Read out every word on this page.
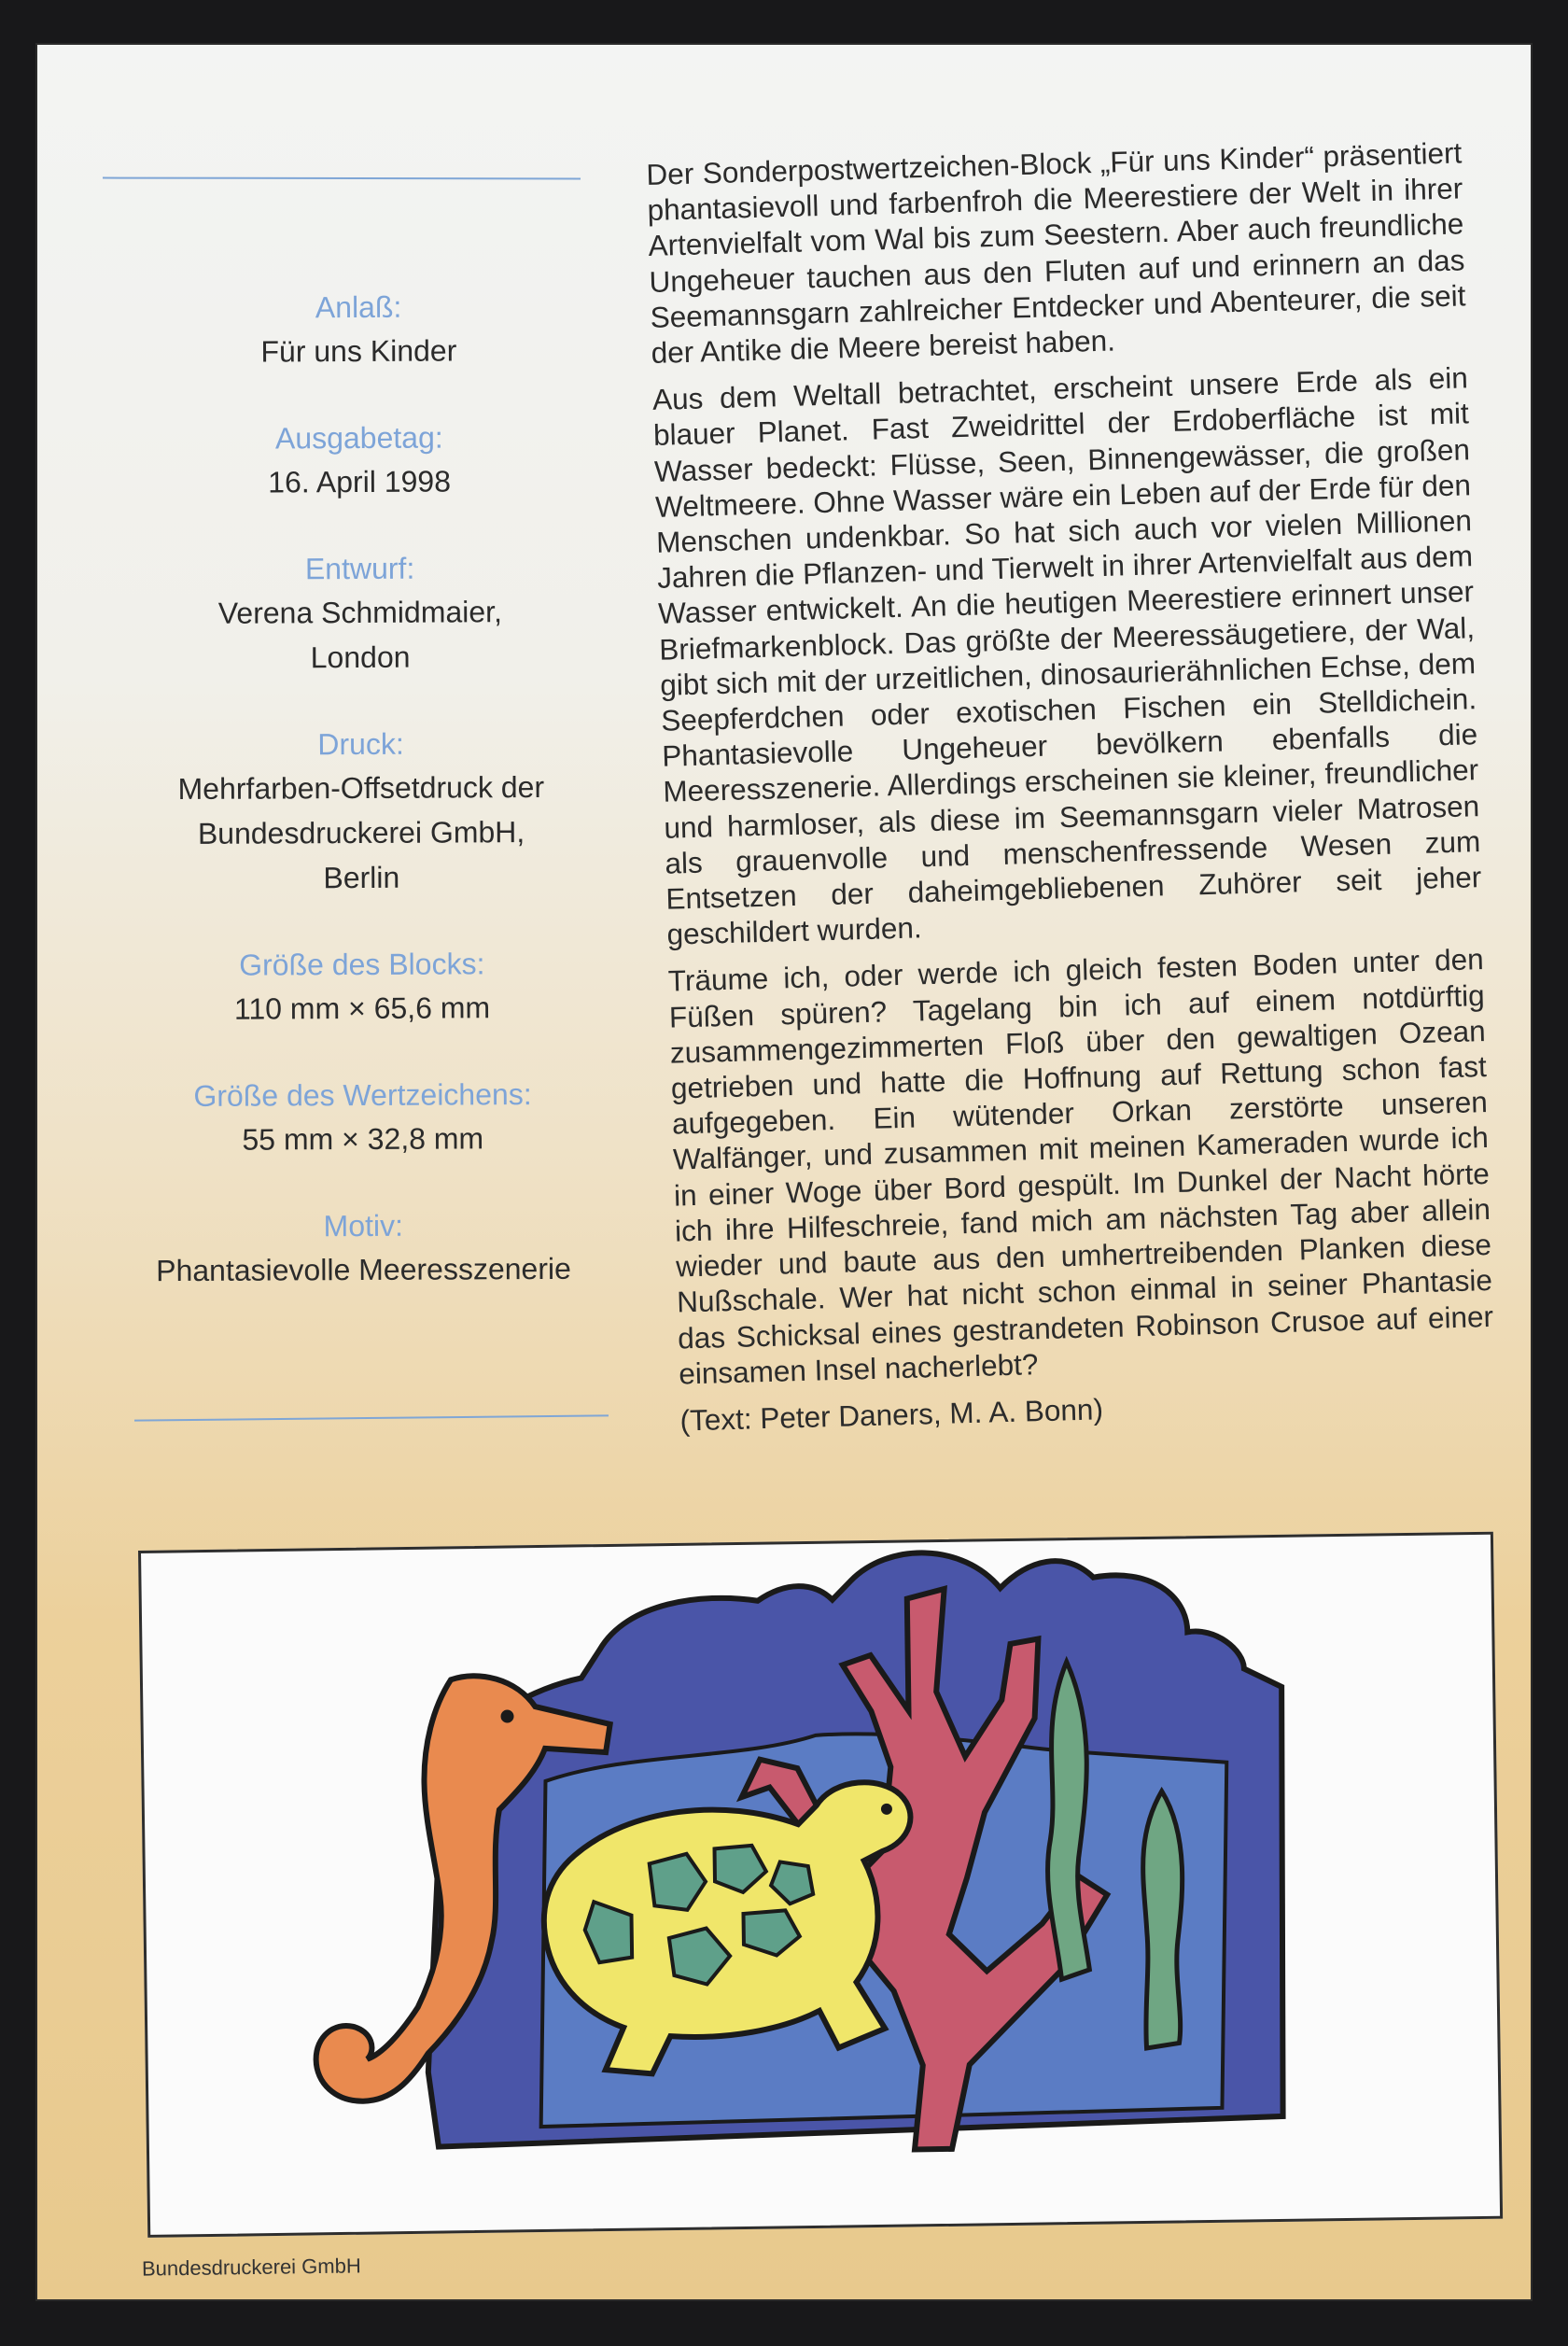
Anlaß:
Für uns Kinder
Ausgabetag:
16. April 1998
Entwurf:
Verena Schmidmaier,
London
Druck:
Mehrfarben-Offsetdruck der
Bundesdruckerei GmbH,
Berlin
Größe des Blocks:
110 mm × 65,6 mm
Größe des Wertzeichens:
55 mm × 32,8 mm
Motiv:
Phantasievolle Meeresszenerie

Der Sonderpostwertzeichen-Block „Für uns Kinder“ präsentiert phantasievoll und farbenfroh die Meerestiere der Welt in ihrer Artenvielfalt vom Wal bis zum Seestern. Aber auch freundliche Ungeheuer tauchen aus den Fluten auf und erinnern an das Seemannsgarn zahlreicher Entdecker und Abenteurer, die seit der Antike die Meere bereist haben.

Aus dem Weltall betrachtet, erscheint unsere Erde als ein blauer Planet. Fast Zweidrittel der Erdoberfläche ist mit Wasser bedeckt: Flüsse, Seen, Binnengewässer, die großen Weltmeere. Ohne Wasser wäre ein Leben auf der Erde für den Menschen undenkbar. So hat sich auch vor vielen Millionen Jahren die Pflanzen- und Tierwelt in ihrer Artenvielfalt aus dem Wasser entwickelt. An die heutigen Meerestiere erinnert unser Briefmarkenblock. Das größte der Meeressäugetiere, der Wal, gibt sich mit der urzeitlichen, dinosaurierähnlichen Echse, dem Seepferdchen oder exotischen Fischen ein Stelldichein. Phantasievolle Ungeheuer bevölkern ebenfalls die Meeresszenerie. Allerdings erscheinen sie kleiner, freundlicher und harmloser, als diese im Seemannsgarn vieler Matrosen als grauenvolle und menschenfressende Wesen zum Entsetzen der daheimgebliebenen Zuhörer seit jeher geschildert wurden.

Träume ich, oder werde ich gleich festen Boden unter den Füßen spüren? Tagelang bin ich auf einem notdürftig zusammengezimmerten Floß über den gewaltigen Ozean getrieben und hatte die Hoffnung auf Rettung schon fast aufgegeben. Ein wütender Orkan zerstörte unseren Walfänger, und zusammen mit meinen Kameraden wurde ich in einer Woge über Bord gespült. Im Dunkel der Nacht hörte ich ihre Hilfeschreie, fand mich am nächsten Tag aber allein wieder und baute aus den umhertreibenden Planken diese Nußschale. Wer hat nicht schon einmal in seiner Phantasie das Schicksal eines gestrandeten Robinson Crusoe auf einer einsamen Insel nacherlebt?

(Text: Peter Daners, M. A. Bonn)
Bundesdruckerei GmbH
